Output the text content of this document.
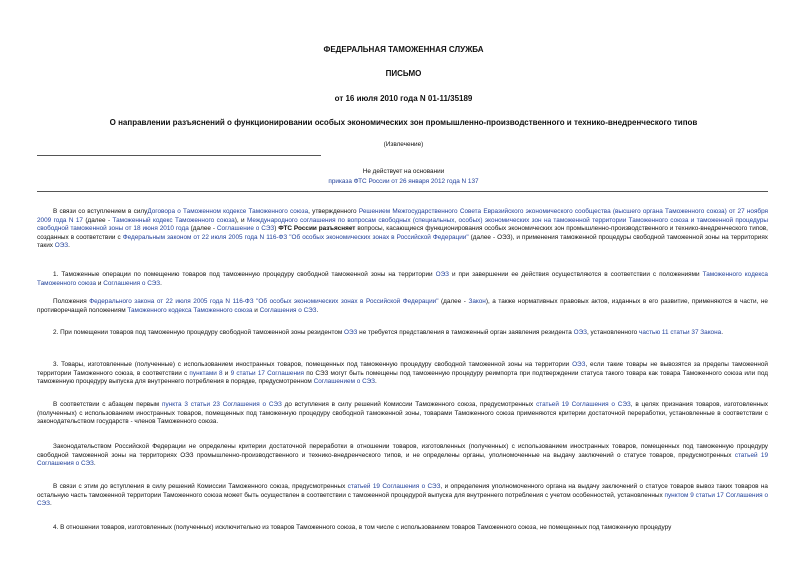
ФЕДЕРАЛЬНАЯ ТАМОЖЕННАЯ СЛУЖБА
ПИСЬМО
от 16 июля 2010 года N 01-11/35189
О направлении разъяснений о функционировании особых экономических зон промышленно-производственного и технико-внедренческого типов
(Извлечение)
Не действует на основании
приказа ФТС России от 26 января 2012 года N 137
В связи со вступлением в силуДоговора о Таможенном кодексе Таможенного союза, утвержденного Решением Межгосударственного Совета Евразийского экономического сообщества (высшего органа Таможенного союза) от 27 ноября 2009 года N 17 (далее - Таможенный кодекс Таможенного союза), и Международного соглашения по вопросам свободных (специальных, особых) экономических зон на таможенной территории Таможенного союза и таможенной процедуры свободной таможенной зоны от 18 июня 2010 года (далее - Соглашение о СЭЗ) ФТС России разъясняет вопросы, касающиеся функционирования особых экономических зон промышленно-производственного и технико-внедренческого типов, созданных в соответствии с Федеральным законом от 22 июля 2005 года N 116-ФЗ "Об особых экономических зонах в Российской Федерации" (далее - ОЭЗ), и применения таможенной процедуры свободной таможенной зоны на территориях таких ОЭЗ.
1. Таможенные операции по помещению товаров под таможенную процедуру свободной таможенной зоны на территории ОЭЗ и при завершении ее действия осуществляются в соответствии с положениями Таможенного кодекса Таможенного союза и Соглашения о СЭЗ.
Положения Федерального закона от 22 июля 2005 года N 116-ФЗ "Об особых экономических зонах в Российской Федерации" (далее - Закон), а также нормативных правовых актов, изданных в его развитие, применяются в части, не противоречащей положениям Таможенного кодекса Таможенного союза и Соглашения о СЭЗ.
2. При помещении товаров под таможенную процедуру свободной таможенной зоны резидентом ОЭЗ не требуется представления в таможенный орган заявления резидента ОЭЗ, установленного частью 11 статьи 37 Закона.
3. Товары, изготовленные (полученные) с использованием иностранных товаров, помещенных под таможенную процедуру свободной таможенной зоны на территории ОЭЗ, если такие товары не вывозятся за пределы таможенной территории Таможенного союза, в соответствии с пунктами 8 и 9 статьи 17 Соглашения по СЭЗ могут быть помещены под таможенную процедуру реимпорта при подтверждении статуса такого товара как товара Таможенного союза или под таможенную процедуру выпуска для внутреннего потребления в порядке, предусмотренном Соглашением о СЭЗ.
В соответствии с абзацем первым пункта 3 статьи 23 Соглашения о СЭЗ до вступления в силу решений Комиссии Таможенного союза, предусмотренных статьей 19 Соглашения о СЭЗ, в целях признания товаров, изготовленных (полученных) с использованием иностранных товаров, помещенных под таможенную процедуру свободной таможенной зоны, товарами Таможенного союза применяются критерии достаточной переработки, установленные в соответствии с законодательством государств - членов Таможенного союза.
Законодательством Российской Федерации не определены критерии достаточной переработки в отношении товаров, изготовленных (полученных) с использованием иностранных товаров, помещенных под таможенную процедуру свободной таможенной зоны на территориях ОЭЗ промышленно-производственного и технико-внедренческого типов, и не определены органы, уполномоченные на выдачу заключений о статусе товаров, предусмотренных статьей 19 Соглашения о СЭЗ.
В связи с этим до вступления в силу решений Комиссии Таможенного союза, предусмотренных статьей 19 Соглашения о СЭЗ, и определения уполномоченного органа на выдачу заключений о статусе товаров вывоз таких товаров на остальную часть таможенной территории Таможенного союза может быть осуществлен в соответствии с таможенной процедурой выпуска для внутреннего потребления с учетом особенностей, установленных пунктом 9 статьи 17 Соглашения о СЭЗ.
4. В отношении товаров, изготовленных (полученных) исключительно из товаров Таможенного союза, в том числе с использованием товаров Таможенного союза, не помещенных под таможенную процедуру
